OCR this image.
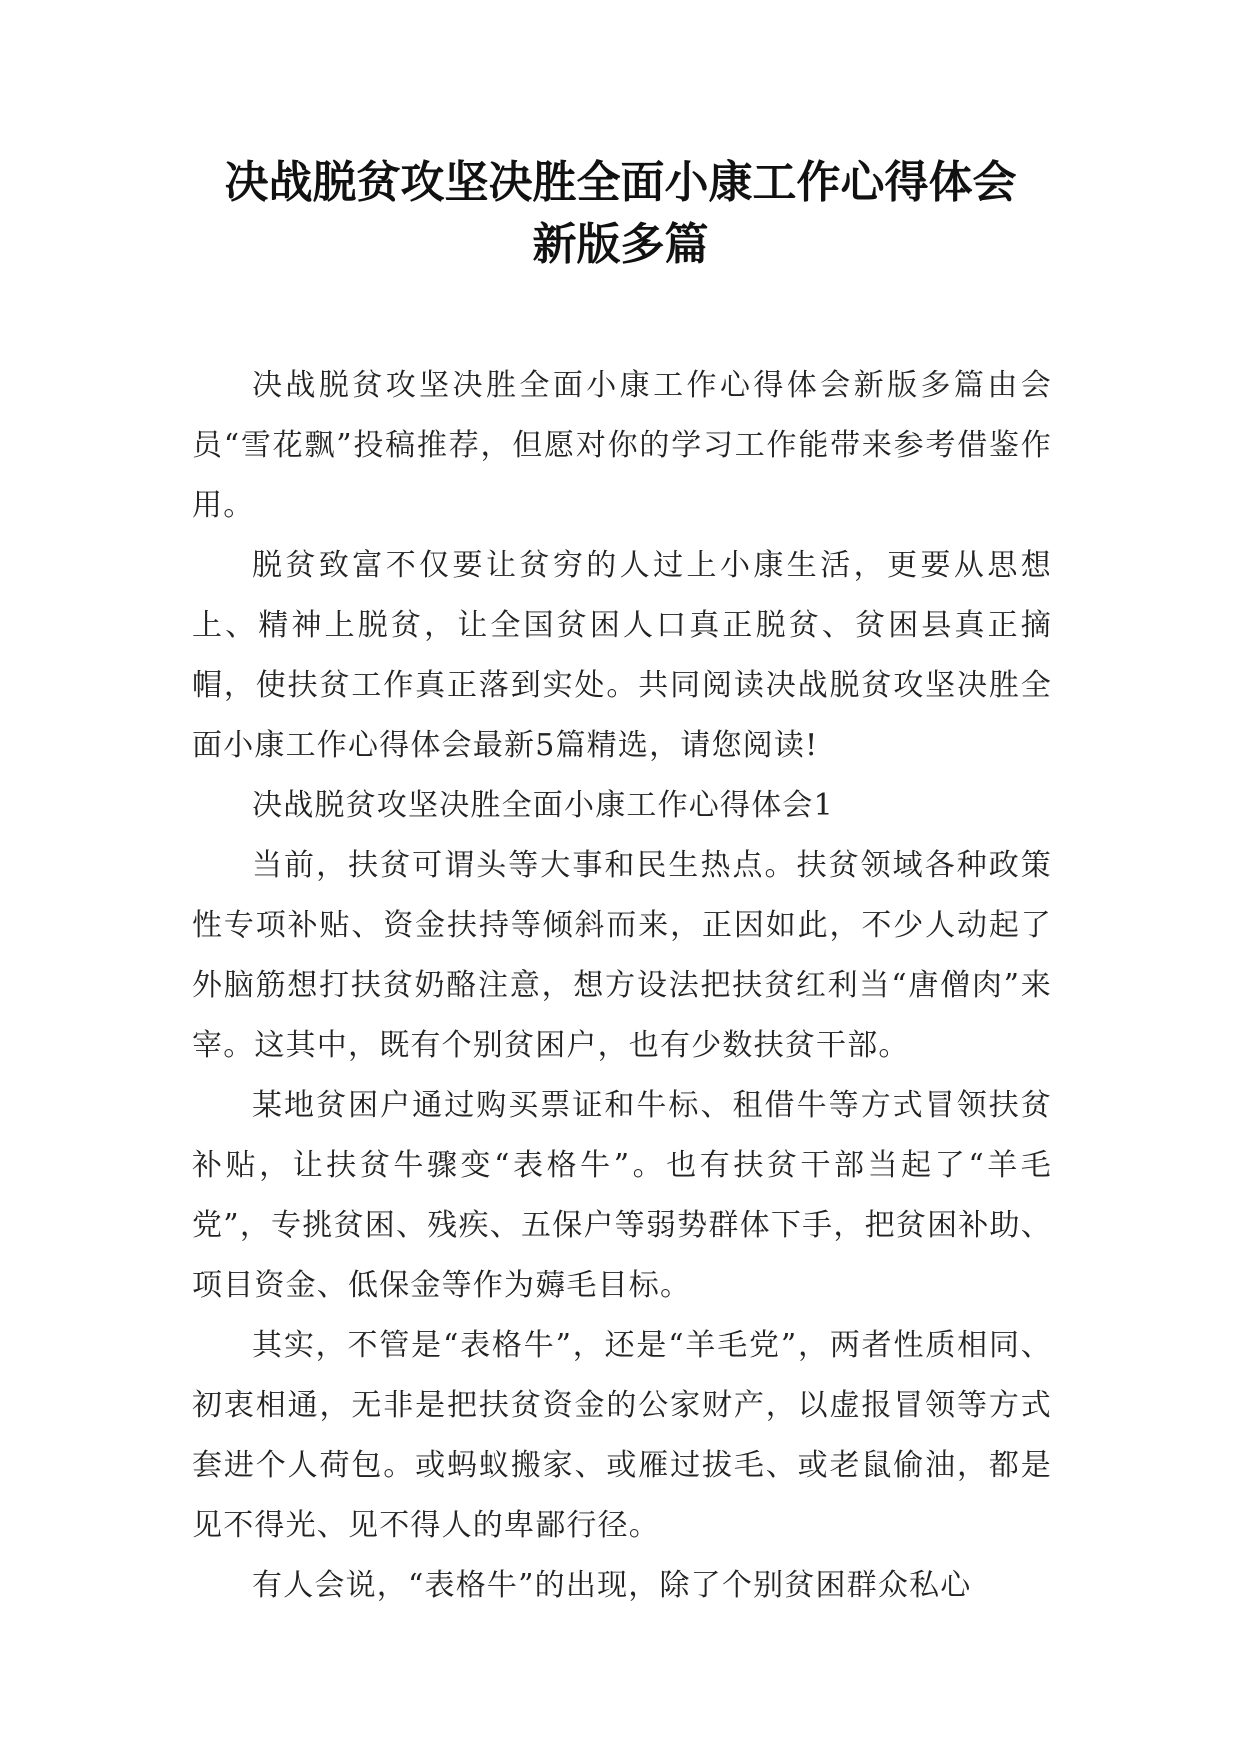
决战脱贫攻坚决胜全面小康工作心得体会
新版多篇

决战脱贫攻坚决胜全面小康工作心得体会新版多篇由会员“雪花飘”投稿推荐，但愿对你的学习工作能带来参考借鉴作用。

脱贫致富不仅要让贫穷的人过上小康生活，更要从思想上、精神上脱贫，让全国贫困人口真正脱贫、贫困县真正摘帽，使扶贫工作真正落到实处。共同阅读决战脱贫攻坚决胜全面小康工作心得体会最新5篇精选，请您阅读!

决战脱贫攻坚决胜全面小康工作心得体会1

当前，扶贫可谓头等大事和民生热点。扶贫领域各种政策性专项补贴、资金扶持等倾斜而来，正因如此，不少人动起了外脑筋想打扶贫奶酪注意，想方设法把扶贫红利当“唐僧肉”来宰。这其中，既有个别贫困户，也有少数扶贫干部。

某地贫困户通过购买票证和牛标、租借牛等方式冒领扶贫补贴，让扶贫牛骤变“表格牛”。也有扶贫干部当起了“羊毛党”，专挑贫困、残疾、五保户等弱势群体下手，把贫困补助、项目资金、低保金等作为薅毛目标。

其实，不管是“表格牛”，还是“羊毛党”，两者性质相同、初衷相通，无非是把扶贫资金的公家财产，以虚报冒领等方式套进个人荷包。或蚂蚁搬家、或雁过拔毛、或老鼠偷油，都是见不得光、见不得人的卑鄙行径。

有人会说，“表格牛”的出现，除了个别贫困群众私心
